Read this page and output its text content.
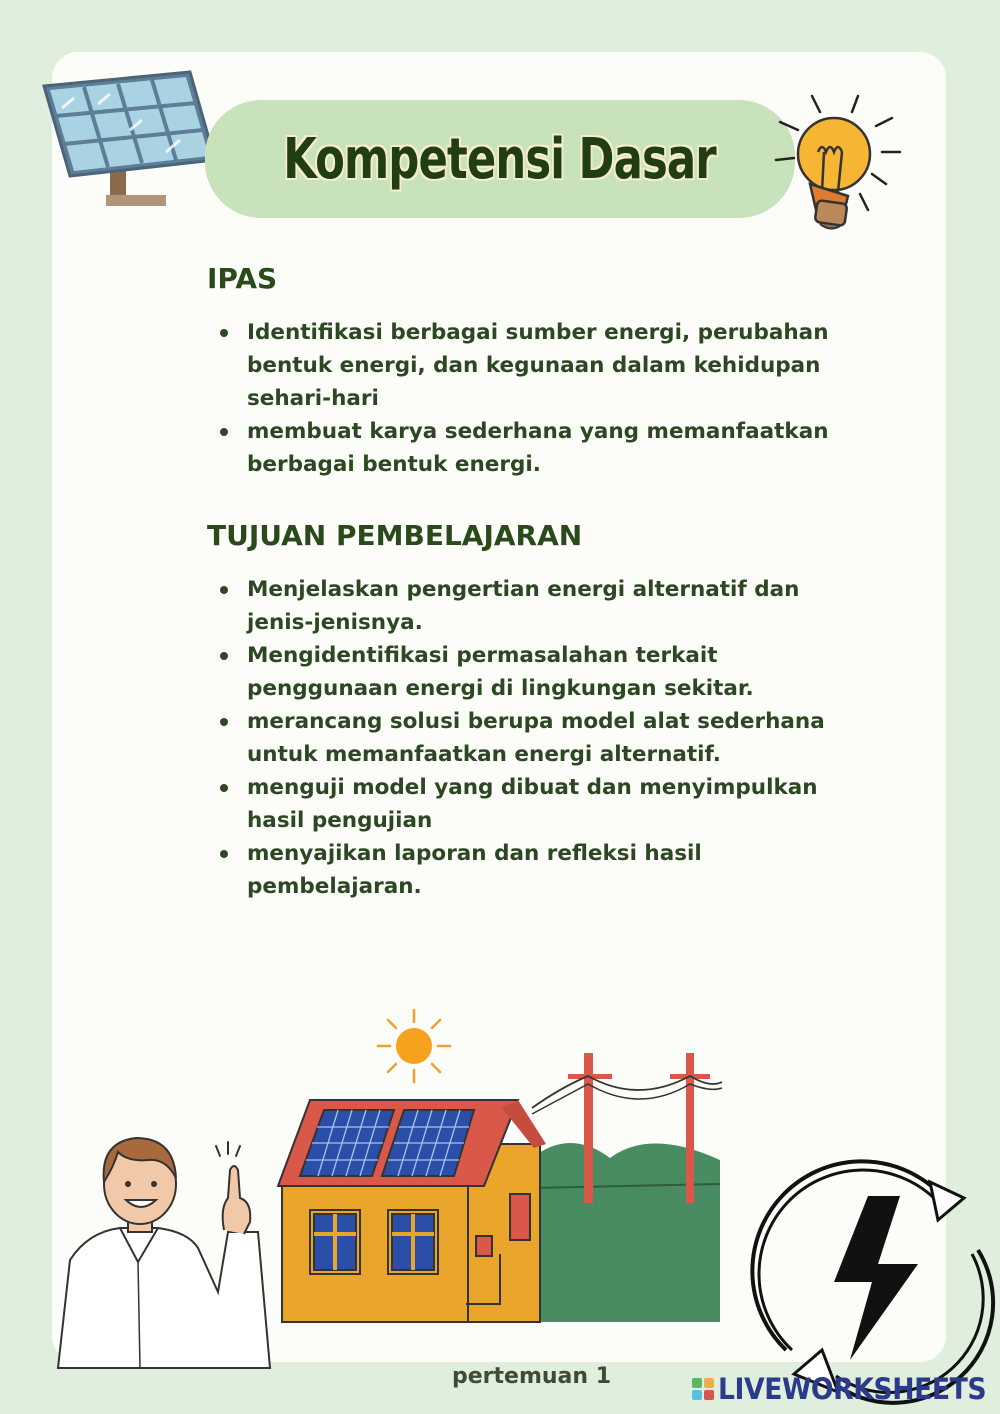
Kompetensi Dasar
IPAS
Identifikasi berbagai sumber energi, perubahan bentuk energi, dan kegunaan dalam kehidupan sehari-hari
membuat karya sederhana yang memanfaatkan berbagai bentuk energi.
TUJUAN PEMBELAJARAN
Menjelaskan pengertian energi alternatif dan jenis-jenisnya.
Mengidentifikasi permasalahan terkait penggunaan energi di lingkungan sekitar.
merancang solusi berupa model alat sederhana untuk memanfaatkan energi alternatif.
menguji model yang dibuat dan menyimpulkan hasil pengujian
menyajikan laporan dan refleksi hasil pembelajaran.
pertemuan 1	LIVEWORKSHEETS
